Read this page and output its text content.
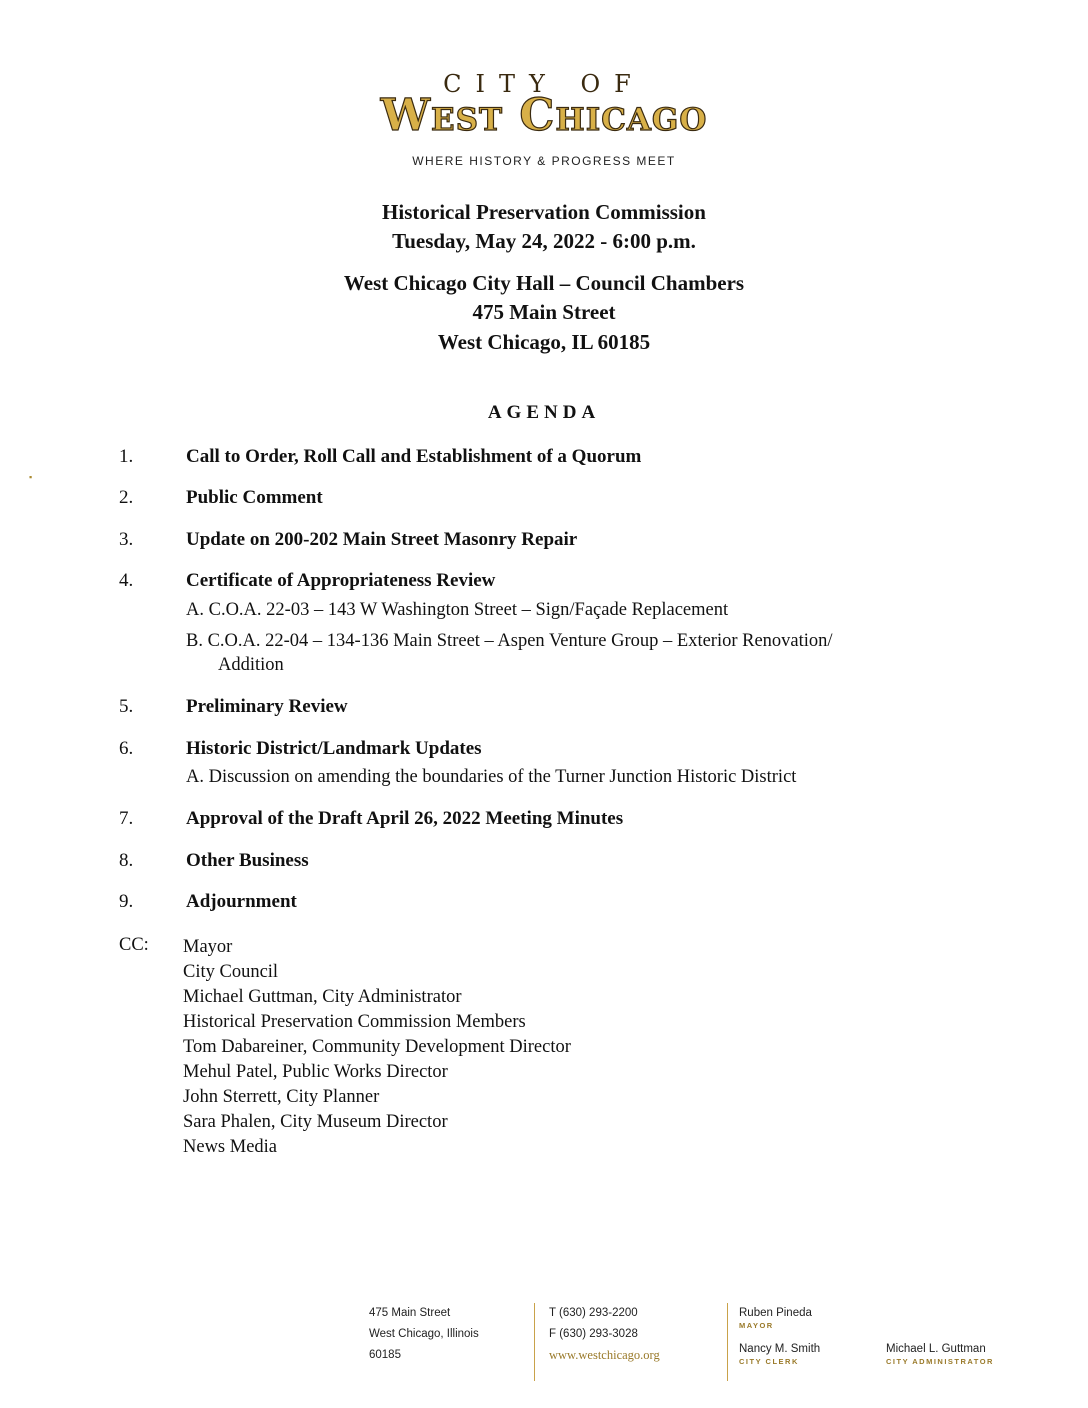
CITY OF
West Chicago
WHERE HISTORY & PROGRESS MEET
Historical Preservation Commission
Tuesday, May 24, 2022 - 6:00 p.m.
West Chicago City Hall – Council Chambers
475 Main Street
West Chicago, IL 60185
AGENDA
▪
1.	Call to Order, Roll Call and Establishment of a Quorum
2.	Public Comment
3.	Update on 200-202 Main Street Masonry Repair
4.	Certificate of Appropriateness Review
A. C.O.A. 22-03 – 143 W Washington Street – Sign/Façade Replacement
B. C.O.A. 22-04 – 134-136 Main Street – Aspen Venture Group – Exterior Renovation/
Addition
5.	Preliminary Review
6.	Historic District/Landmark Updates
A. Discussion on amending the boundaries of the Turner Junction Historic District
7.	Approval of the Draft April 26, 2022 Meeting Minutes
8.	Other Business
9.	Adjournment
CC: Mayor
City Council
Michael Guttman, City Administrator
Historical Preservation Commission Members
Tom Dabareiner, Community Development Director
Mehul Patel, Public Works Director
John Sterrett, City Planner
Sara Phalen, City Museum Director
News Media
475 Main Street
West Chicago, Illinois
60185
T (630) 293-2200
F (630) 293-3028
www.westchicago.org
Ruben Pineda
MAYOR
Nancy M. Smith
CITY CLERK
Michael L. Guttman
CITY ADMINISTRATOR
